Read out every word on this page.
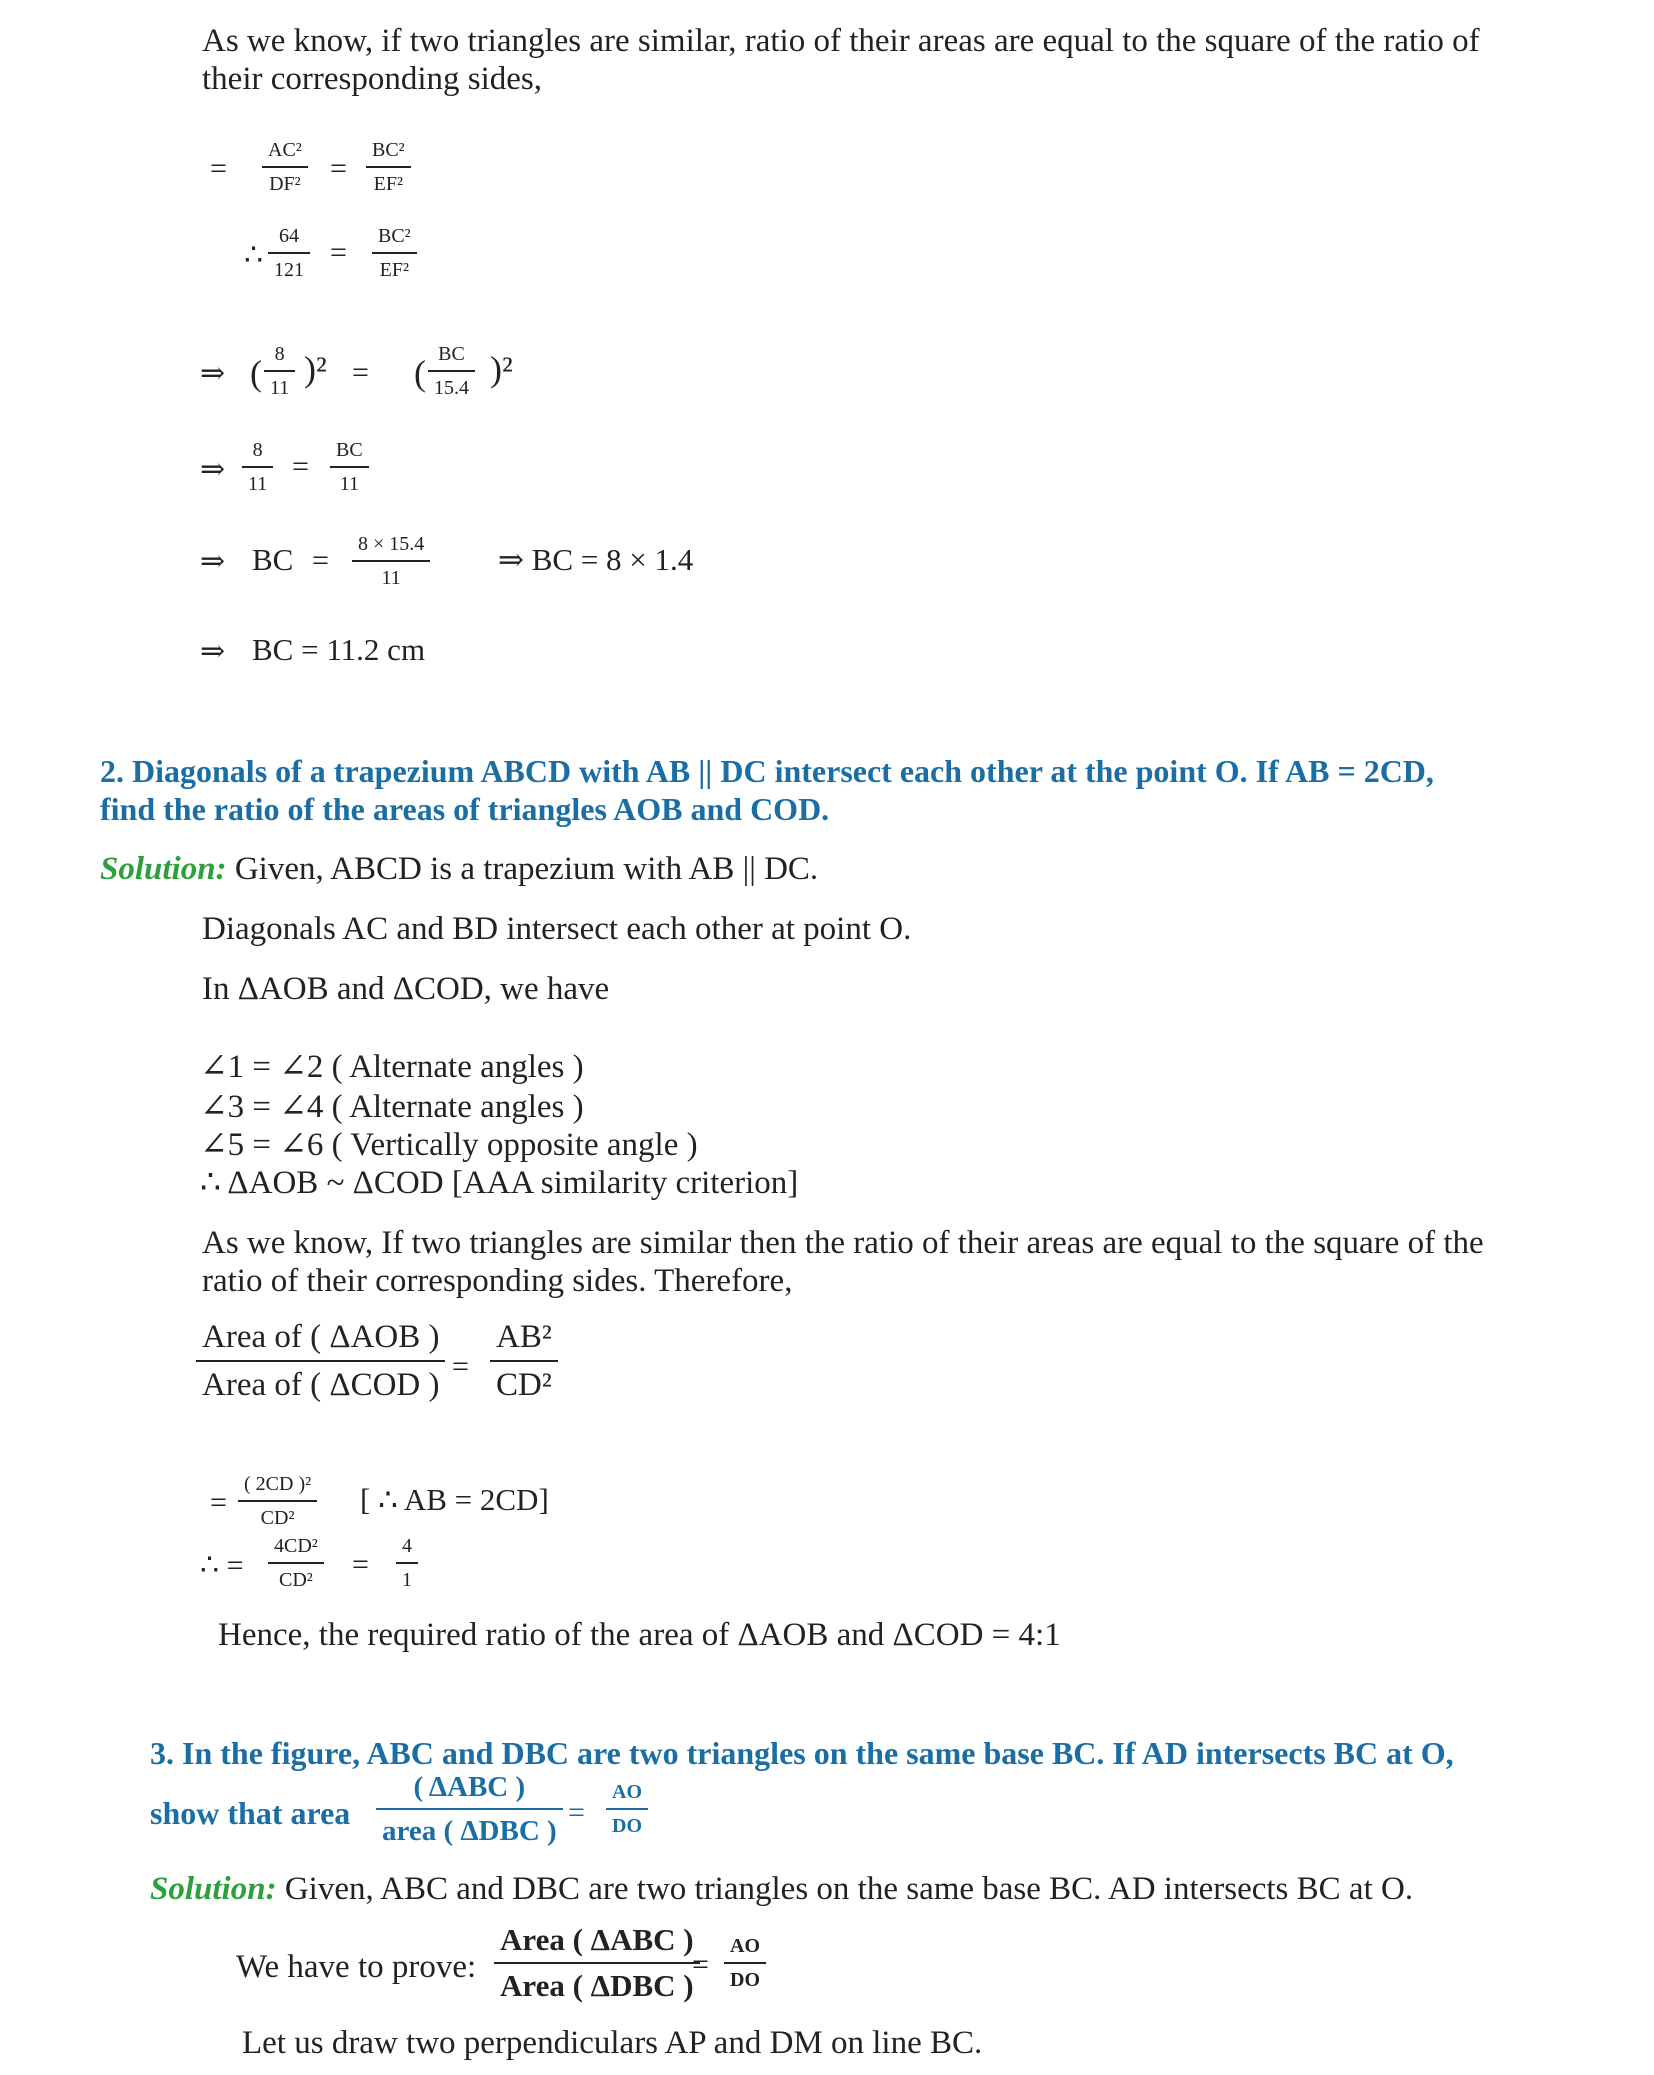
As we know, if two triangles are similar, ratio of their areas are equal to the square of the ratio of
their corresponding sides,
=
AC²
DF² =
BC²
EF²
∴
64
121
=	BC²
EF²
⇒ ( 8
11 )² = ( BC
15.4 )²
⇒
8
11
=	BC
11
⇒ BC =	8 × 15.4
11
⇒ BC = 8 × 1.4
⇒ BC = 11.2 cm
2. Diagonals of a trapezium ABCD with AB || DC intersect each other at the point O. If AB = 2CD,
find the ratio of the areas of triangles AOB and COD.
Solution: Given, ABCD is a trapezium with AB || DC.
Diagonals AC and BD intersect each other at point O.
In ΔAOB and ΔCOD, we have
∠1 = ∠2 ( Alternate angles )
∠3 = ∠4 ( Alternate angles )
∠5 = ∠6 ( Vertically opposite angle )
∴ ΔAOB ~ ΔCOD [AAA similarity criterion]
As we know, If two triangles are similar then the ratio of their areas are equal to the square of the
ratio of their corresponding sides. Therefore,
Area of ( ΔAOB )
Area of ( ΔCOD )
=
AB²
CD²
=
( 2CD )²
CD²
[ ∴ AB = 2CD]
∴ =
4CD²
CD² =
4
1
Hence, the required ratio of the area of ΔAOB and ΔCOD = 4:1
3. In the figure, ABC and DBC are two triangles on the same base BC. If AD intersects BC at O,
show that area
( ΔABC )
area ( ΔDBC )
=
AO
DO
Solution: Given, ABC and DBC are two triangles on the same base BC. AD intersects BC at O.
We have to prove:
Area ( ΔABC )
Area ( ΔDBC )
=
AO
DO
Let us draw two perpendiculars AP and DM on line BC.
